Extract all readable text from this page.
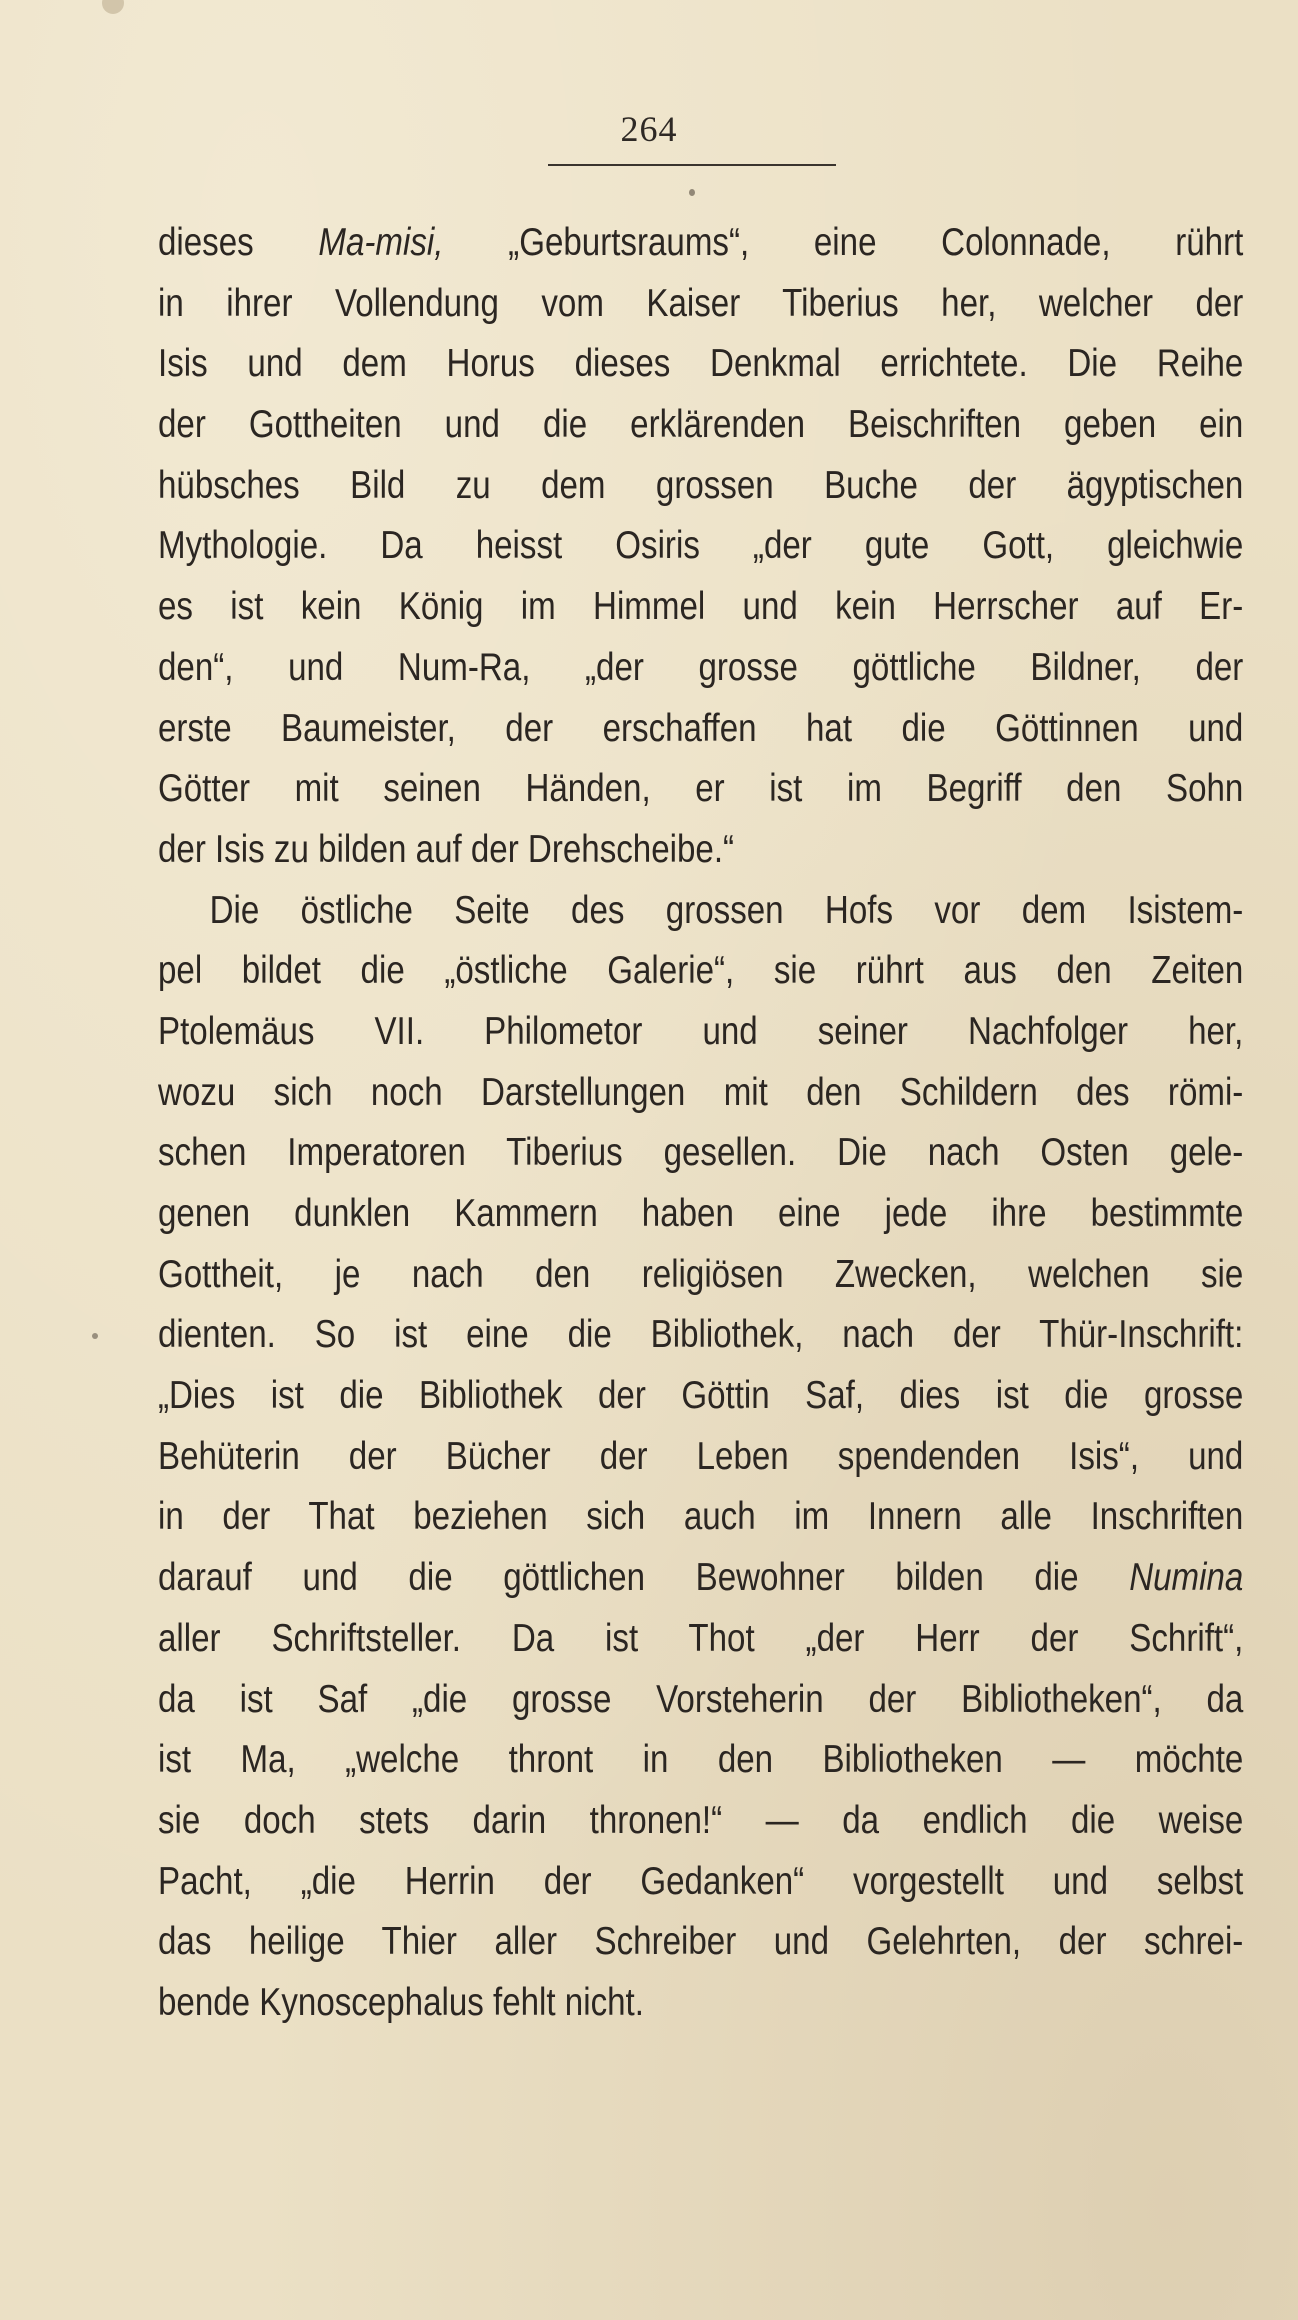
264
dieses Ma-misi, „Geburtsraums“, eine Colonnade, rührt
in ihrer Vollendung vom Kaiser Tiberius her, welcher der
Isis und dem Horus dieses Denkmal errichtete. Die Reihe
der Gottheiten und die erklärenden Beischriften geben ein
hübsches Bild zu dem grossen Buche der ägyptischen
Mythologie. Da heisst Osiris „der gute Gott, gleichwie
es ist kein König im Himmel und kein Herrscher auf Er-
den“, und Num-Ra, „der grosse göttliche Bildner, der
erste Baumeister, der erschaffen hat die Göttinnen und
Götter mit seinen Händen, er ist im Begriff den Sohn
der Isis zu bilden auf der Drehscheibe.“
Die östliche Seite des grossen Hofs vor dem Isistem-
pel bildet die „östliche Galerie“, sie rührt aus den Zeiten
Ptolemäus VII. Philometor und seiner Nachfolger her,
wozu sich noch Darstellungen mit den Schildern des römi-
schen Imperatoren Tiberius gesellen. Die nach Osten gele-
genen dunklen Kammern haben eine jede ihre bestimmte
Gottheit, je nach den religiösen Zwecken, welchen sie
dienten. So ist eine die Bibliothek, nach der Thür-Inschrift:
„Dies ist die Bibliothek der Göttin Saf, dies ist die grosse
Behüterin der Bücher der Leben spendenden Isis“, und
in der That beziehen sich auch im Innern alle Inschriften
darauf und die göttlichen Bewohner bilden die Numina
aller Schriftsteller. Da ist Thot „der Herr der Schrift“,
da ist Saf „die grosse Vorsteherin der Bibliotheken“, da
ist Ma, „welche thront in den Bibliotheken — möchte
sie doch stets darin thronen!“ — da endlich die weise
Pacht, „die Herrin der Gedanken“ vorgestellt und selbst
das heilige Thier aller Schreiber und Gelehrten, der schrei-
bende Kynoscephalus fehlt nicht.
